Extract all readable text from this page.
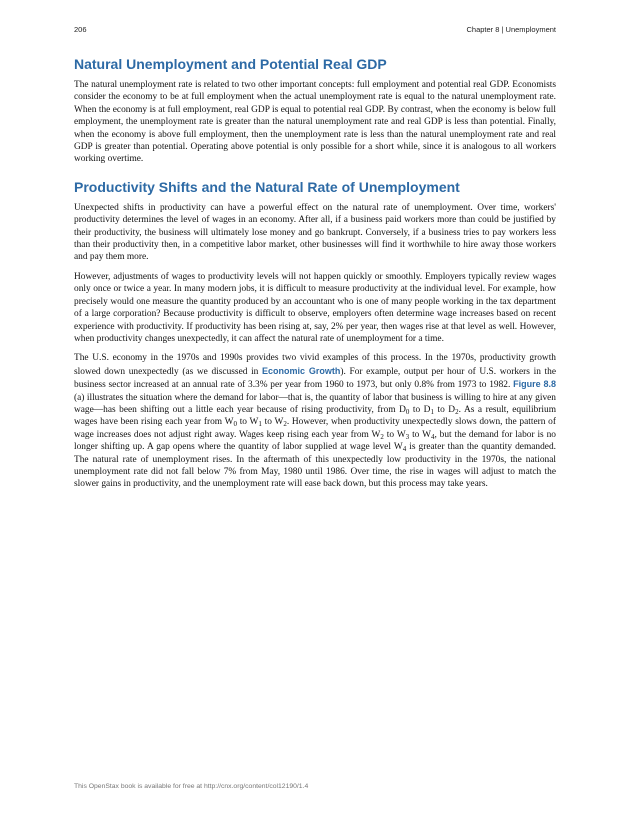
206	Chapter 8 | Unemployment
Natural Unemployment and Potential Real GDP

The natural unemployment rate is related to two other important concepts: full employment and potential real GDP. Economists consider the economy to be at full employment when the actual unemployment rate is equal to the natural unemployment rate. When the economy is at full employment, real GDP is equal to potential real GDP. By contrast, when the economy is below full employment, the unemployment rate is greater than the natural unemployment rate and real GDP is less than potential. Finally, when the economy is above full employment, then the unemployment rate is less than the natural unemployment rate and real GDP is greater than potential. Operating above potential is only possible for a short while, since it is analogous to all workers working overtime.

Productivity Shifts and the Natural Rate of Unemployment

Unexpected shifts in productivity can have a powerful effect on the natural rate of unemployment. Over time, workers' productivity determines the level of wages in an economy. After all, if a business paid workers more than could be justified by their productivity, the business will ultimately lose money and go bankrupt. Conversely, if a business tries to pay workers less than their productivity then, in a competitive labor market, other businesses will find it worthwhile to hire away those workers and pay them more.

However, adjustments of wages to productivity levels will not happen quickly or smoothly. Employers typically review wages only once or twice a year. In many modern jobs, it is difficult to measure productivity at the individual level. For example, how precisely would one measure the quantity produced by an accountant who is one of many people working in the tax department of a large corporation? Because productivity is difficult to observe, employers often determine wage increases based on recent experience with productivity. If productivity has been rising at, say, 2% per year, then wages rise at that level as well. However, when productivity changes unexpectedly, it can affect the natural rate of unemployment for a time.

The U.S. economy in the 1970s and 1990s provides two vivid examples of this process. In the 1970s, productivity growth slowed down unexpectedly (as we discussed in Economic Growth). For example, output per hour of U.S. workers in the business sector increased at an annual rate of 3.3% per year from 1960 to 1973, but only 0.8% from 1973 to 1982. Figure 8.8 (a) illustrates the situation where the demand for labor—that is, the quantity of labor that business is willing to hire at any given wage—has been shifting out a little each year because of rising productivity, from $D_0$ to $D_1$ to $D_2$. As a result, equilibrium wages have been rising each year from $W_0$ to $W_1$ to $W_2$. However, when productivity unexpectedly slows down, the pattern of wage increases does not adjust right away. Wages keep rising each year from $W_2$ to $W_3$ to $W_4$, but the demand for labor is no longer shifting up. A gap opens where the quantity of labor supplied at wage level $W_4$ is greater than the quantity demanded. The natural rate of unemployment rises. In the aftermath of this unexpectedly low productivity in the 1970s, the national unemployment rate did not fall below 7% from May, 1980 until 1986. Over time, the rise in wages will adjust to match the slower gains in productivity, and the unemployment rate will ease back down, but this process may take years.

This OpenStax book is available for free at http://cnx.org/content/col12190/1.4
